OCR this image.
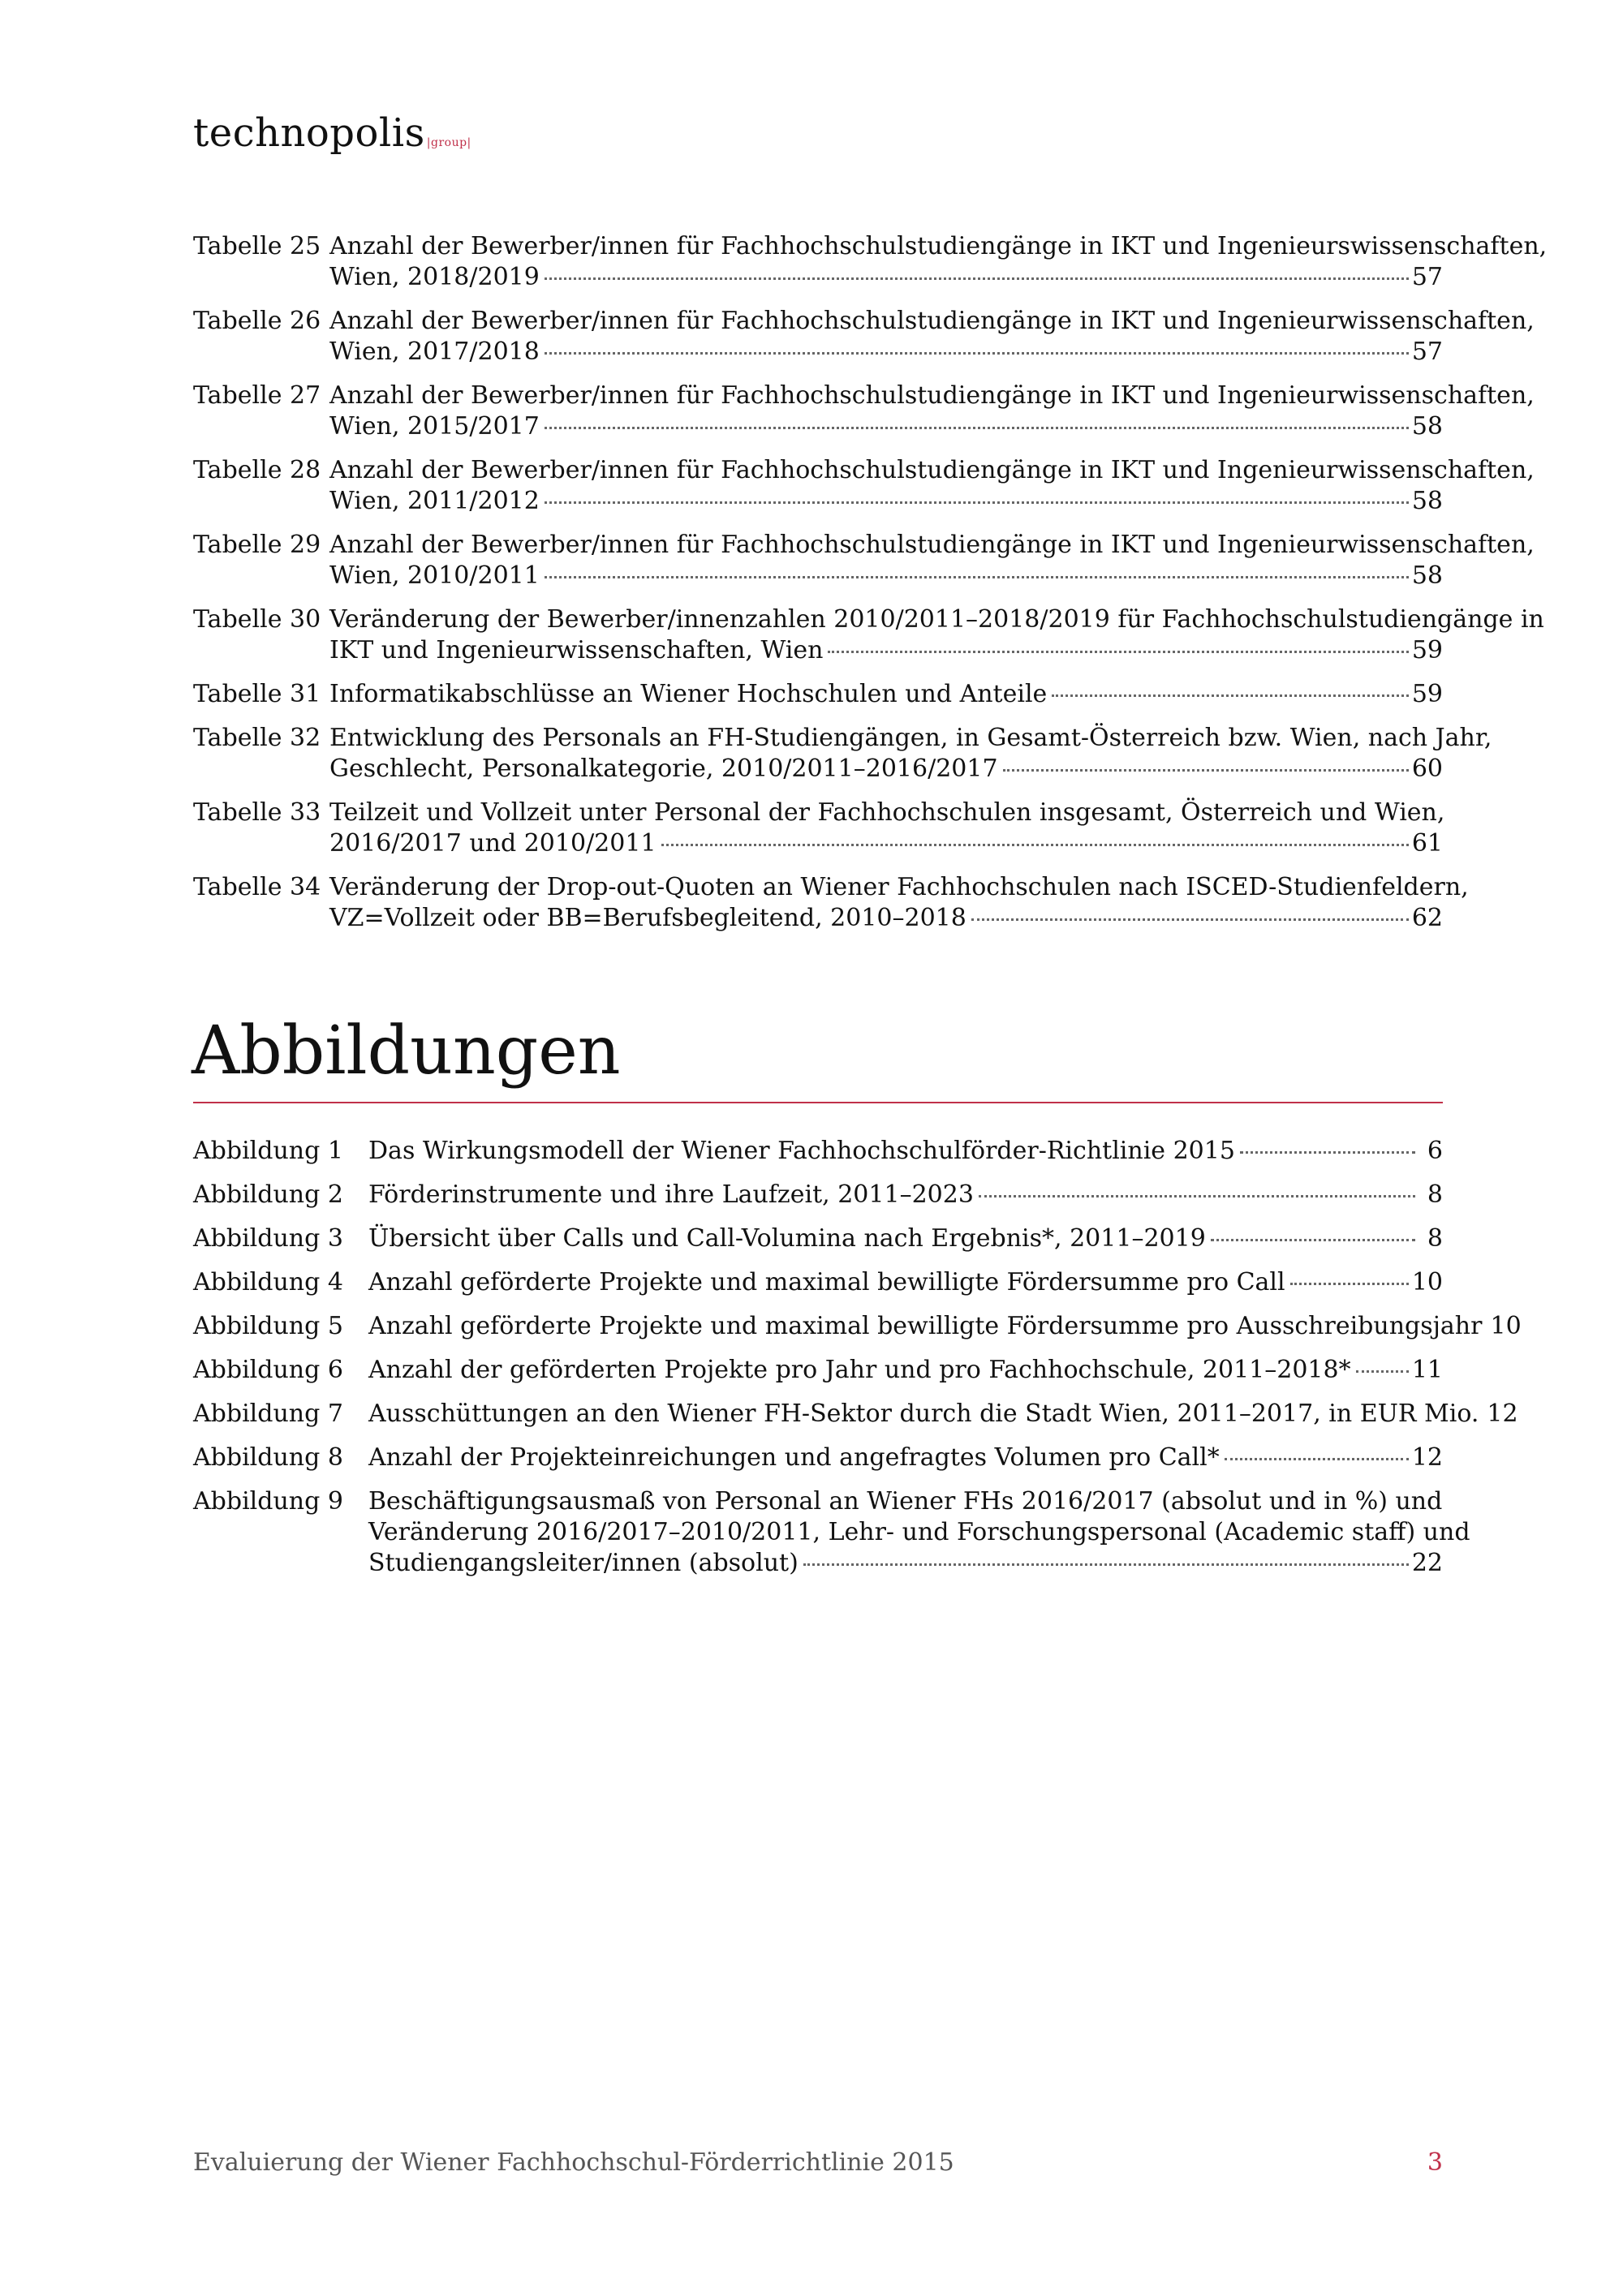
technopolis |group|
Tabelle 25 Anzahl der Bewerber/innen für Fachhochschulstudiengänge in IKT und Ingenieurswissenschaften,
Wien, 2018/2019	57
Tabelle 26 Anzahl der Bewerber/innen für Fachhochschulstudiengänge in IKT und Ingenieurwissenschaften,
Wien, 2017/2018	57
Tabelle 27 Anzahl der Bewerber/innen für Fachhochschulstudiengänge in IKT und Ingenieurwissenschaften,
Wien, 2015/2017	58
Tabelle 28 Anzahl der Bewerber/innen für Fachhochschulstudiengänge in IKT und Ingenieurwissenschaften,
Wien, 2011/2012	58
Tabelle 29 Anzahl der Bewerber/innen für Fachhochschulstudiengänge in IKT und Ingenieurwissenschaften,
Wien, 2010/2011	58
Tabelle 30 Veränderung der Bewerber/innenzahlen 2010/2011–2018/2019 für Fachhochschulstudiengänge in
IKT und Ingenieurwissenschaften, Wien	59
Tabelle 31 Informatikabschlüsse an Wiener Hochschulen und Anteile	59
Tabelle 32 Entwicklung des Personals an FH-Studiengängen, in Gesamt-Österreich bzw. Wien, nach Jahr,
Geschlecht, Personalkategorie, 2010/2011–2016/2017	60
Tabelle 33 Teilzeit und Vollzeit unter Personal der Fachhochschulen insgesamt, Österreich und Wien,
2016/2017 und 2010/2011	61
Tabelle 34 Veränderung der Drop-out-Quoten an Wiener Fachhochschulen nach ISCED-Studienfeldern,
VZ=Vollzeit oder BB=Berufsbegleitend, 2010–2018	62
Abbildungen
Abbildung 1 Das Wirkungsmodell der Wiener Fachhochschulförder-Richtlinie 2015	6
Abbildung 2 Förderinstrumente und ihre Laufzeit, 2011–2023	8
Abbildung 3 Übersicht über Calls und Call-Volumina nach Ergebnis*, 2011–2019	8
Abbildung 4 Anzahl geförderte Projekte und maximal bewilligte Fördersumme pro Call	10
Abbildung 5 Anzahl geförderte Projekte und maximal bewilligte Fördersumme pro Ausschreibungsjahr 10
Abbildung 6 Anzahl der geförderten Projekte pro Jahr und pro Fachhochschule, 2011–2018*	11
Abbildung 7 Ausschüttungen an den Wiener FH-Sektor durch die Stadt Wien, 2011–2017, in EUR Mio. 12
Abbildung 8 Anzahl der Projekteinreichungen und angefragtes Volumen pro Call*	12
Abbildung 9	Beschäftigungsausmaß von Personal an Wiener FHs 2016/2017 (absolut und in %) und
Veränderung 2016/2017–2010/2011, Lehr- und Forschungspersonal (Academic staff) und
Studiengangsleiter/innen (absolut)	22
Evaluierung der Wiener Fachhochschul-Förderrichtlinie 2015	3
